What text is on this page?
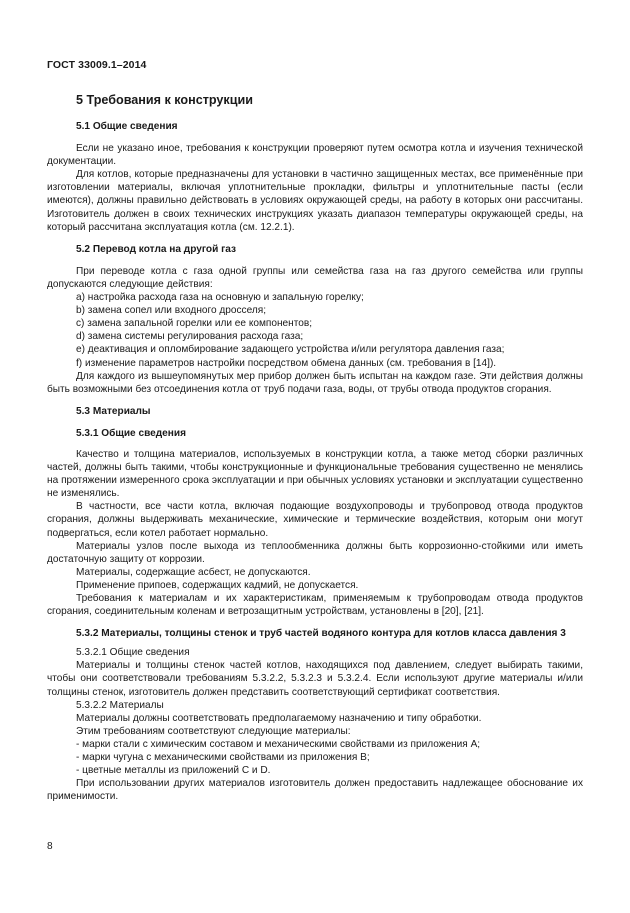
ГОСТ 33009.1–2014
5 Требования к конструкции
5.1 Общие сведения

Если не указано иное, требования к конструкции проверяют путем осмотра котла и изучения технической документации.

Для котлов, которые предназначены для установки в частично защищенных местах, все применённые при изготовлении материалы, включая уплотнительные прокладки, фильтры и уплотнительные пасты (если имеются), должны правильно действовать в условиях окружающей среды, на работу в которых они рассчитаны. Изготовитель должен в своих технических инструкциях указать диапазон температуры окружающей среды, на который рассчитана эксплуатация котла (см. 12.2.1).

5.2 Перевод котла на другой газ

При переводе котла с газа одной группы или семейства газа на газ другого семейства или группы допускаются следующие действия:

a) настройка расхода газа на основную и запальную горелку;
b) замена сопел или входного дросселя;
c) замена запальной горелки или ее компонентов;
d) замена системы регулирования расхода газа;
e) деактивация и опломбирование задающего устройства и/или регулятора давления газа;
f) изменение параметров настройки посредством обмена данных (см. требования в [14]).

Для каждого из вышеупомянутых мер прибор должен быть испытан на каждом газе. Эти действия должны быть возможными без отсоединения котла от труб подачи газа, воды, от трубы отвода продуктов сгорания.

5.3 Материалы
5.3.1 Общие сведения

Качество и толщина материалов, используемых в конструкции котла, а также метод сборки различных частей, должны быть такими, чтобы конструкционные и функциональные требования существенно не менялись на протяжении измеренного срока эксплуатации и при обычных условиях установки и эксплуатации существенно не изменялись.

В частности, все части котла, включая подающие воздухопроводы и трубопровод отвода продуктов сгорания, должны выдерживать механические, химические и термические воздействия, которым они могут подвергаться, если котел работает нормально.

Материалы узлов после выхода из теплообменника должны быть коррозионно-стойкими или иметь достаточную защиту от коррозии.

Материалы, содержащие асбест, не допускаются.

Применение припоев, содержащих кадмий, не допускается.

Требования к материалам и их характеристикам, применяемым к трубопроводам отвода продуктов сгорания, соединительным коленам и ветрозащитным устройствам, установлены в [20], [21].

5.3.2 Материалы, толщины стенок и труб частей водяного контура для котлов класса давления 3
5.3.2.1 Общие сведения

Материалы и толщины стенок частей котлов, находящихся под давлением, следует выбирать такими, чтобы они соответствовали требованиям 5.3.2.2, 5.3.2.3 и 5.3.2.4. Если используют другие материалы и/или толщины стенок, изготовитель должен представить соответствующий сертификат соответствия.

5.3.2.2 Материалы

Материалы должны соответствовать предполагаемому назначению и типу обработки.

Этим требованиям соответствуют следующие материалы:

- марки стали с химическим составом и механическими свойствами из приложения А;
- марки чугуна с механическими свойствами из приложения В;
- цветные металлы из приложений С и D.

При использовании других материалов изготовитель должен предоставить надлежащее обоснование их применимости.

8
